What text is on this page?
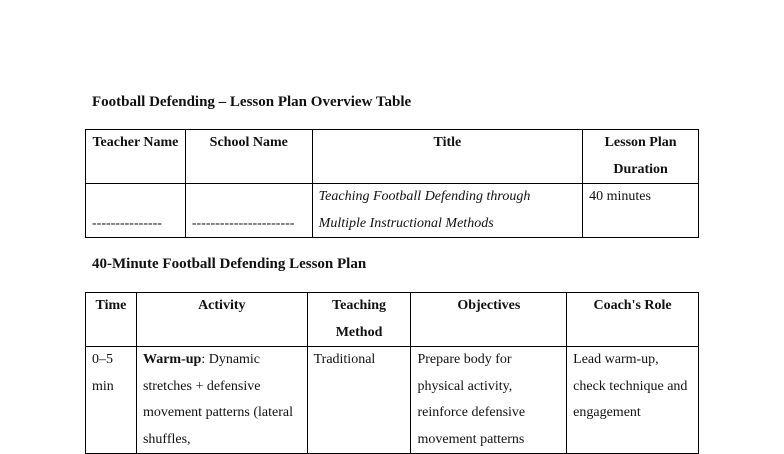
Football Defending – Lesson Plan Overview Table
Teacher Name	School Name	Title	Lesson Plan Duration
---------------	----------------------	Teaching Football Defending through Multiple Instructional Methods	40 minutes
40-Minute Football Defending Lesson Plan
Time	Activity	Teaching Method	Objectives	Coach's Role
0–5 min	Warm-up: Dynamic stretches + defensive movement patterns (lateral shuffles,	Traditional	Prepare body for physical activity, reinforce defensive movement patterns	Lead warm-up, check technique and engagement
